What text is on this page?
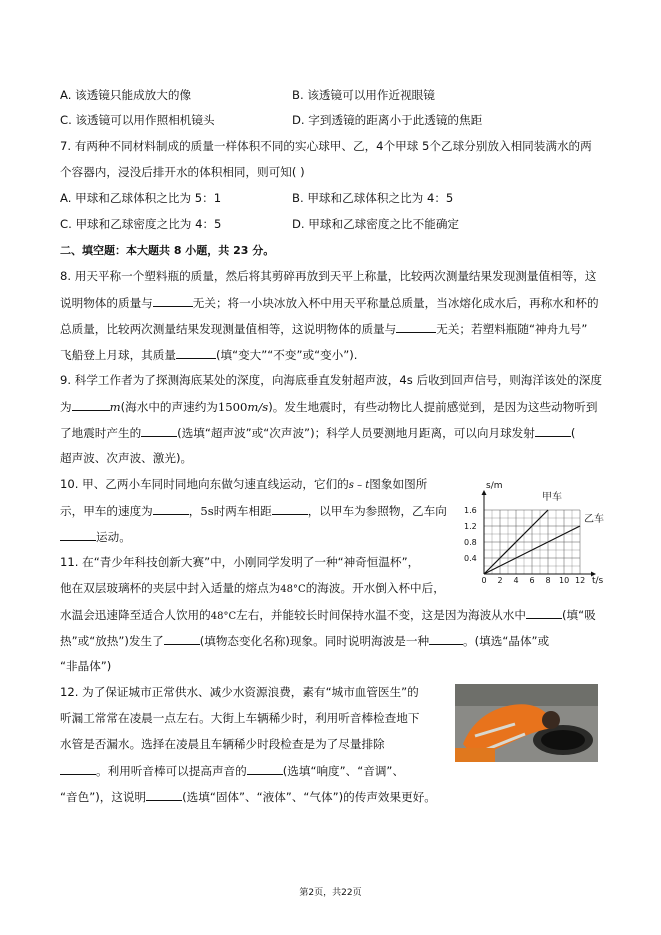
A. 该透镜只能成放大的像	B. 该透镜可以用作近视眼镜
C. 该透镜可以用作照相机镜头	D. 字到透镜的距离小于此透镜的焦距
7. 有两种不同材料制成的质量一样体积不同的实心球甲、乙，4个甲球 5个乙球分别放入相同装满水的两
个容器内，浸没后排开水的体积相同，则可知( )
A. 甲球和乙球体积之比为 5：1	B. 甲球和乙球体积之比为 4：5
C. 甲球和乙球密度之比为 4：5	D. 甲球和乙球密度之比不能确定
二、填空题：本大题共 8 小题，共 23 分。
8. 用天平称一个塑料瓶的质量，然后将其剪碎再放到天平上称量，比较两次测量结果发现测量值相等，这
说明物体的质量与	无关；将一小块冰放入杯中用天平称量总质量，当冰熔化成水后，再称水和杯的
总质量，比较两次测量结果发现测量值相等，这说明物体的质量与	无关；若塑料瓶随“神舟九号”
飞船登上月球，其质量	(填“变大”“不变”或“变小”).
9. 科学工作者为了探测海底某处的深度，向海底垂直发射超声波，4s 后收到回声信号，则海洋该处的深度
为	m(海水中的声速约为1500m/s)。发生地震时，有些动物比人提前感觉到，是因为这些动物听到
了地震时产生的	(选填“超声波”或“次声波”)；科学人员要测地月距离，可以向月球发射	(
超声波、次声波、激光)。
10. 甲、乙两小车同时同地向东做匀速直线运动，它们的s – t图象如图所
示，甲车的速度为	，5s时两车相距	，以甲车为参照物，乙车向
运动。
s/m
t/s
0 2 4 6 8 10 12
0.4
0.8
1.2
1.6
甲车
乙车
11. 在“青少年科技创新大赛”中，小刚同学发明了一种“神奇恒温杯”，
他在双层玻璃杯的夹层中封入适量的熔点为48°C的海波。开水倒入杯中后，
水温会迅速降至适合人饮用的48°C左右，并能较长时间保持水温不变，这是因为海波从水中	(填“吸
热”或“放热”)发生了	(填物态变化名称)现象。同时说明海波是一种	。(填选“晶体”或
“非晶体”)
12. 为了保证城市正常供水、减少水资源浪费，素有“城市血管医生”的
听漏工常常在凌晨一点左右。大街上车辆稀少时，利用听音棒检查地下
水管是否漏水。选择在凌晨且车辆稀少时段检查是为了尽量排除
。利用听音棒可以提高声音的	(选填“响度”、“音调”、
“音色”)，这说明	(选填“固体”、“液体”、“气体”)的传声效果更好。
第2页，共22页
